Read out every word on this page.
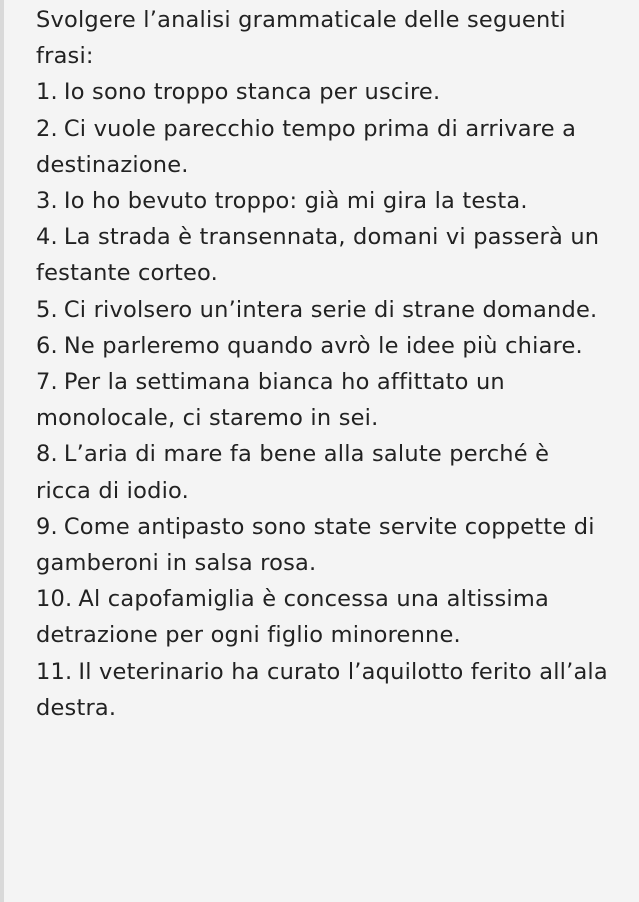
Svolgere l’analisi grammaticale delle seguenti frasi:

1. Io sono troppo stanca per uscire.

2. Ci vuole parecchio tempo prima di arrivare a destinazione.

3. Io ho bevuto troppo: già mi gira la testa.

4. La strada è transennata, domani vi passerà un festante corteo.

5. Ci rivolsero un’intera serie di strane domande.

6. Ne parleremo quando avrò le idee più chiare.

7. Per la settimana bianca ho affittato un monolocale, ci staremo in sei.

8. L’aria di mare fa bene alla salute perché è ricca di iodio.

9. Come antipasto sono state servite coppette di gamberoni in salsa rosa.

10. Al capofamiglia è concessa una altissima detrazione per ogni figlio minorenne.

11. Il veterinario ha curato l’aquilotto ferito all’ala destra.
